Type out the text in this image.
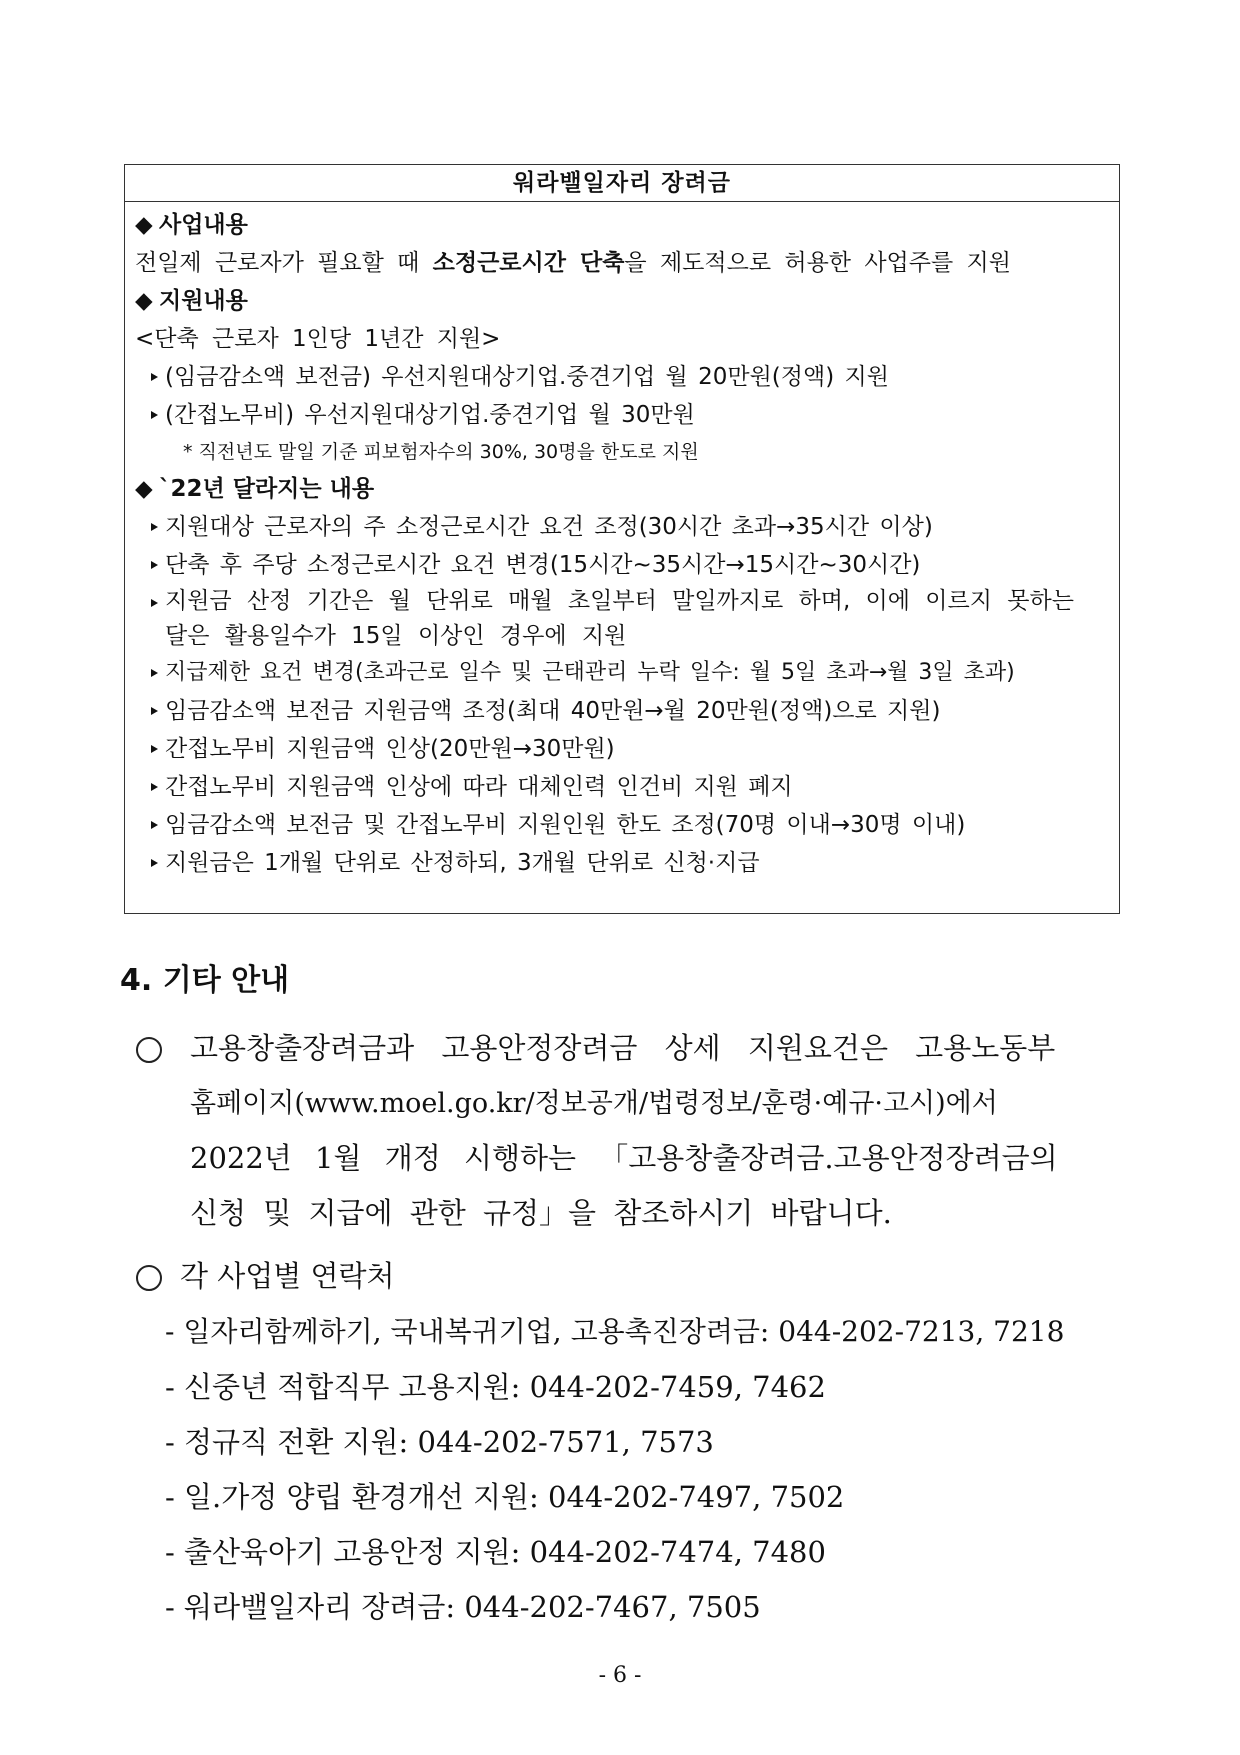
워라밸일자리 장려금
◆ 사업내용
전일제 근로자가 필요할 때 소정근로시간 단축을 제도적으로 허용한 사업주를 지원
◆ 지원내용
<단축 근로자 1인당 1년간 지원>
(임금감소액 보전금) 우선지원대상기업.중견기업 월 20만원(정액) 지원
(간접노무비) 우선지원대상기업.중견기업 월 30만원
* 직전년도 말일 기준 피보험자수의 30%, 30명을 한도로 지원
◆ `22년 달라지는 내용
지원대상 근로자의 주 소정근로시간 요건 조정(30시간 초과→35시간 이상)
단축 후 주당 소정근로시간 요건 변경(15시간∼35시간→15시간~30시간)
지원금 산정 기간은 월 단위로 매월 초일부터 말일까지로 하며, 이에 이르지 못하는 달은 활용일수가 15일 이상인 경우에 지원
지급제한 요건 변경(초과근로 일수 및 근태관리 누락 일수: 월 5일 초과→월 3일 초과)
임금감소액 보전금 지원금액 조정(최대 40만원→월 20만원(정액)으로 지원)
간접노무비 지원금액 인상(20만원→30만원)
간접노무비 지원금액 인상에 따라 대체인력 인건비 지원 폐지
임금감소액 보전금 및 간접노무비 지원인원 한도 조정(70명 이내→30명 이내)
지원금은 1개월 단위로 산정하되, 3개월 단위로 신청·지급
4. 기타 안내
고용창출장려금과 고용안정장려금 상세 지원요건은 고용노동부
홈페이지(www.moel.go.kr/정보공개/법령정보/훈령·예규·고시)에서
2022년 1월 개정 시행하는 「고용창출장려금.고용안정장려금의
신청 및 지급에 관한 규정」을 참조하시기 바랍니다.
각 사업별 연락처
- 일자리함께하기, 국내복귀기업, 고용촉진장려금: 044-202-7213, 7218
- 신중년 적합직무 고용지원: 044-202-7459, 7462
- 정규직 전환 지원: 044-202-7571, 7573
- 일.가정 양립 환경개선 지원: 044-202-7497, 7502
- 출산육아기 고용안정 지원: 044-202-7474, 7480
- 워라밸일자리 장려금: 044-202-7467, 7505
- 6 -
